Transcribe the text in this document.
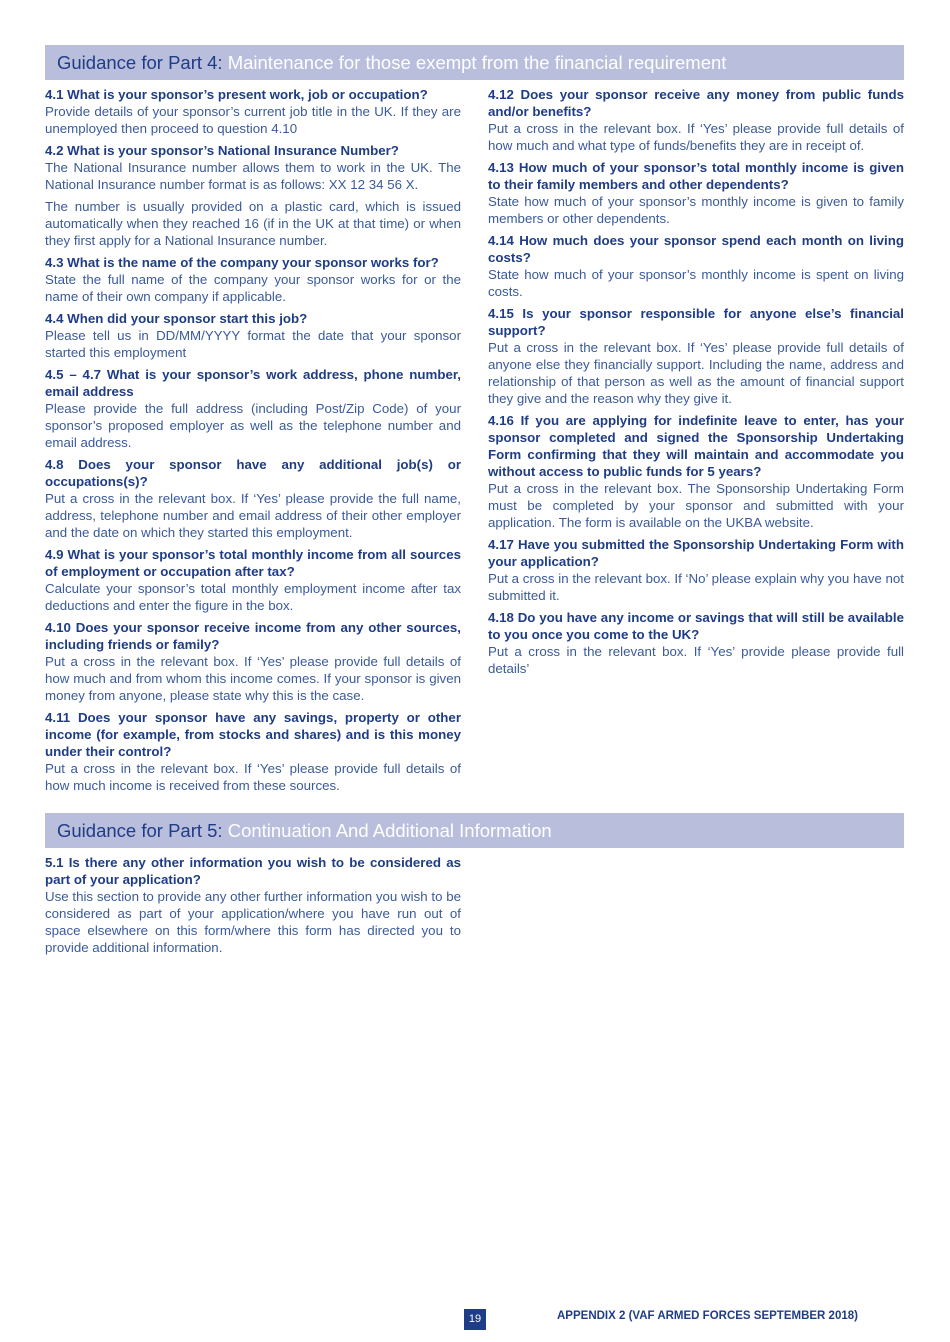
Guidance for Part 4: Maintenance for those exempt from the financial requirement
4.1 What is your sponsor’s present work, job or occupation?
Provide details of your sponsor’s current job title in the UK. If they are unemployed then proceed to question 4.10
4.2 What is your sponsor’s National Insurance Number?
The National Insurance number allows them to work in the UK. The National Insurance number format is as follows: XX 12 34 56 X.
The number is usually provided on a plastic card, which is issued automatically when they reached 16 (if in the UK at that time) or when they first apply for a National Insurance number.
4.3 What is the name of the company your sponsor works for?
State the full name of the company your sponsor works for or the name of their own company if applicable.
4.4 When did your sponsor start this job?
Please tell us in DD/MM/YYYY format the date that your sponsor started this employment
4.5 – 4.7 What is your sponsor’s work address, phone number, email address
Please provide the full address (including Post/Zip Code) of your sponsor’s proposed employer as well as the telephone number and email address.
4.8 Does your sponsor have any additional job(s) or occupations(s)?
Put a cross in the relevant box. If ‘Yes’ please provide the full name, address, telephone number and email address of their other employer and the date on which they started this employment.
4.9 What is your sponsor’s total monthly income from all sources of employment or occupation after tax?
Calculate your sponsor’s total monthly employment income after tax deductions and enter the figure in the box.
4.10 Does your sponsor receive income from any other sources, including friends or family?
Put a cross in the relevant box. If ‘Yes’ please provide full details of how much and from whom this income comes. If your sponsor is given money from anyone, please state why this is the case.
4.11 Does your sponsor have any savings, property or other income (for example, from stocks and shares) and is this money under their control?
Put a cross in the relevant box. If ‘Yes’ please provide full details of how much income is received from these sources.
4.12 Does your sponsor receive any money from public funds and/or benefits?
Put a cross in the relevant box. If ‘Yes’ please provide full details of how much and what type of funds/benefits they are in receipt of.
4.13 How much of your sponsor’s total monthly income is given to their family members and other dependents?
State how much of your sponsor’s monthly income is given to family members or other dependents.
4.14 How much does your sponsor spend each month on living costs?
State how much of your sponsor’s monthly income is spent on living costs.
4.15 Is your sponsor responsible for anyone else’s financial support?
Put a cross in the relevant box. If ‘Yes’ please provide full details of anyone else they financially support. Including the name, address and relationship of that person as well as the amount of financial support they give and the reason why they give it.
4.16 If you are applying for indefinite leave to enter, has your sponsor completed and signed the Sponsorship Undertaking Form confirming that they will maintain and accommodate you without access to public funds for 5 years?
Put a cross in the relevant box. The Sponsorship Undertaking Form must be completed by your sponsor and submitted with your application. The form is available on the UKBA website.
4.17 Have you submitted the Sponsorship Undertaking Form with your application?
Put a cross in the relevant box. If ‘No’ please explain why you have not submitted it.
4.18 Do you have any income or savings that will still be available to you once you come to the UK?
Put a cross in the relevant box. If ‘Yes’ provide please provide full details’
Guidance for Part 5: Continuation And Additional Information
5.1 Is there any other information you wish to be considered as part of your application?
Use this section to provide any other further information you wish to be considered as part of your application/where you have run out of space elsewhere on this form/where this form has directed you to provide additional information.
19	APPENDIX 2 (VAF ARMED FORCES SEPTEMBER 2018)
